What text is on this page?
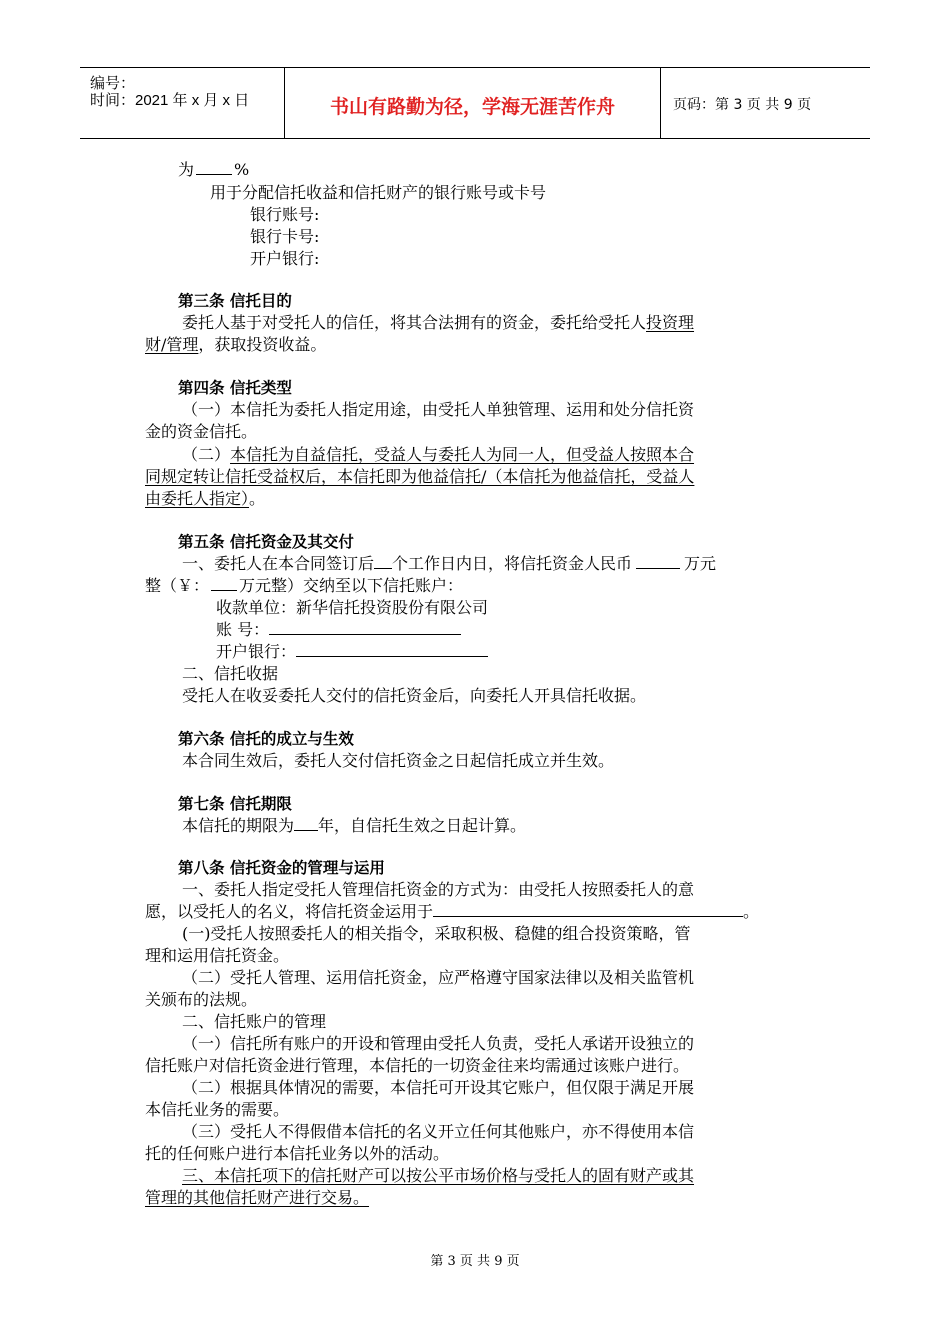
编号：
时间：2021 年 x 月 x 日	书山有路勤为径，学海无涯苦作舟	页码：第 3 页 共 9 页
为	%
用于分配信托收益和信托财产的银行账号或卡号
银行账号:
银行卡号:
开户银行:
第三条 信托目的
委托人基于对受托人的信任，将其合法拥有的资金，委托给受托人投资理
财/管理，获取投资收益。
第四条 信托类型
（一）本信托为委托人指定用途，由受托人单独管理、运用和处分信托资
金的资金信托。
（二）本信托为自益信托，受益人与委托人为同一人，但受益人按照本合
同规定转让信托受益权后，本信托即为他益信托/（本信托为他益信托，受益人
由委托人指定）。
第五条 信托资金及其交付
一、委托人在本合同签订后 个工作日内日，将信托资金人民币	万元
整（￥： 万元整）交纳至以下信托账户：
收款单位：新华信托投资股份有限公司
账 号：
开户银行：
二、信托收据
受托人在收妥委托人交付的信托资金后，向委托人开具信托收据。
第六条 信托的成立与生效
本合同生效后，委托人交付信托资金之日起信托成立并生效。
第七条 信托期限
本信托的期限为 年，自信托生效之日起计算。
第八条 信托资金的管理与运用
一、委托人指定受托人管理信托资金的方式为：由受托人按照委托人的意
愿，以受托人的名义，将信托资金运用于	。
(一)受托人按照委托人的相关指令，采取积极、稳健的组合投资策略，管
理和运用信托资金。
（二）受托人管理、运用信托资金，应严格遵守国家法律以及相关监管机
关颁布的法规。
二、信托账户的管理
（一）信托所有账户的开设和管理由受托人负责，受托人承诺开设独立的
信托账户对信托资金进行管理，本信托的一切资金往来均需通过该账户进行。
（二）根据具体情况的需要，本信托可开设其它账户，但仅限于满足开展
本信托业务的需要。
（三）受托人不得假借本信托的名义开立任何其他账户，亦不得使用本信
托的任何账户进行本信托业务以外的活动。
三、本信托项下的信托财产可以按公平市场价格与受托人的固有财产或其
管理的其他信托财产进行交易。
第 3 页 共 9 页
